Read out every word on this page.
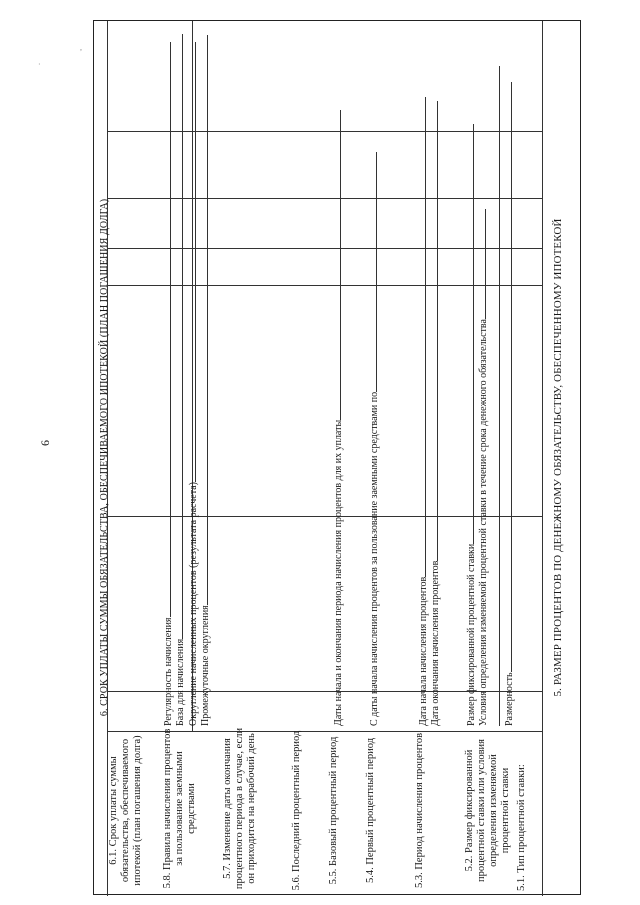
6
,
·
5. РАЗМЕР ПРОЦЕНТОВ ПО ДЕНЕЖНОМУ ОБЯЗАТЕЛЬСТВУ, ОБЕСПЕЧЕННОМУ ИПОТЕКОЙ
6. СРОК УПЛАТЫ СУММЫ ОБЯЗАТЕЛЬСТВА, ОБЕСПЕЧИВАЕМОГО ИПОТЕКОЙ (ПЛАН ПОГАШЕНИЯ ДОЛГА)
5.1. Тип процентной ставки:
5.2. Размер фиксированной процентной ставки или условия определения изменяемой процентной ставки
5.3. Период начисления процентов
5.4. Первый процентный период
5.5. Базовый процентный период
5.6. Последний процентный период
5.7. Изменение даты окончания процентного периода в случае, если он приходится на нерабочий день
5.8. Правила начисления процентов за пользование заемными средствами
6.1. Срок уплаты суммы обязательства, обеспечиваемого ипотекой (план погашения долга)
Размер фиксированной процентной ставки Условия определения изменяемой процентной ставки в течение срока денежного обязательства Размерность
Дата начала начисления процентов Дата окончания начисления процентов
С даты начала начисления процентов за пользование заемными средствами по
Даты начала и окончания периода начисления процентов для их уплаты
Регулярность начисления База для начисления Округление начисленных процентов (результата расчета) Промежуточные округления
